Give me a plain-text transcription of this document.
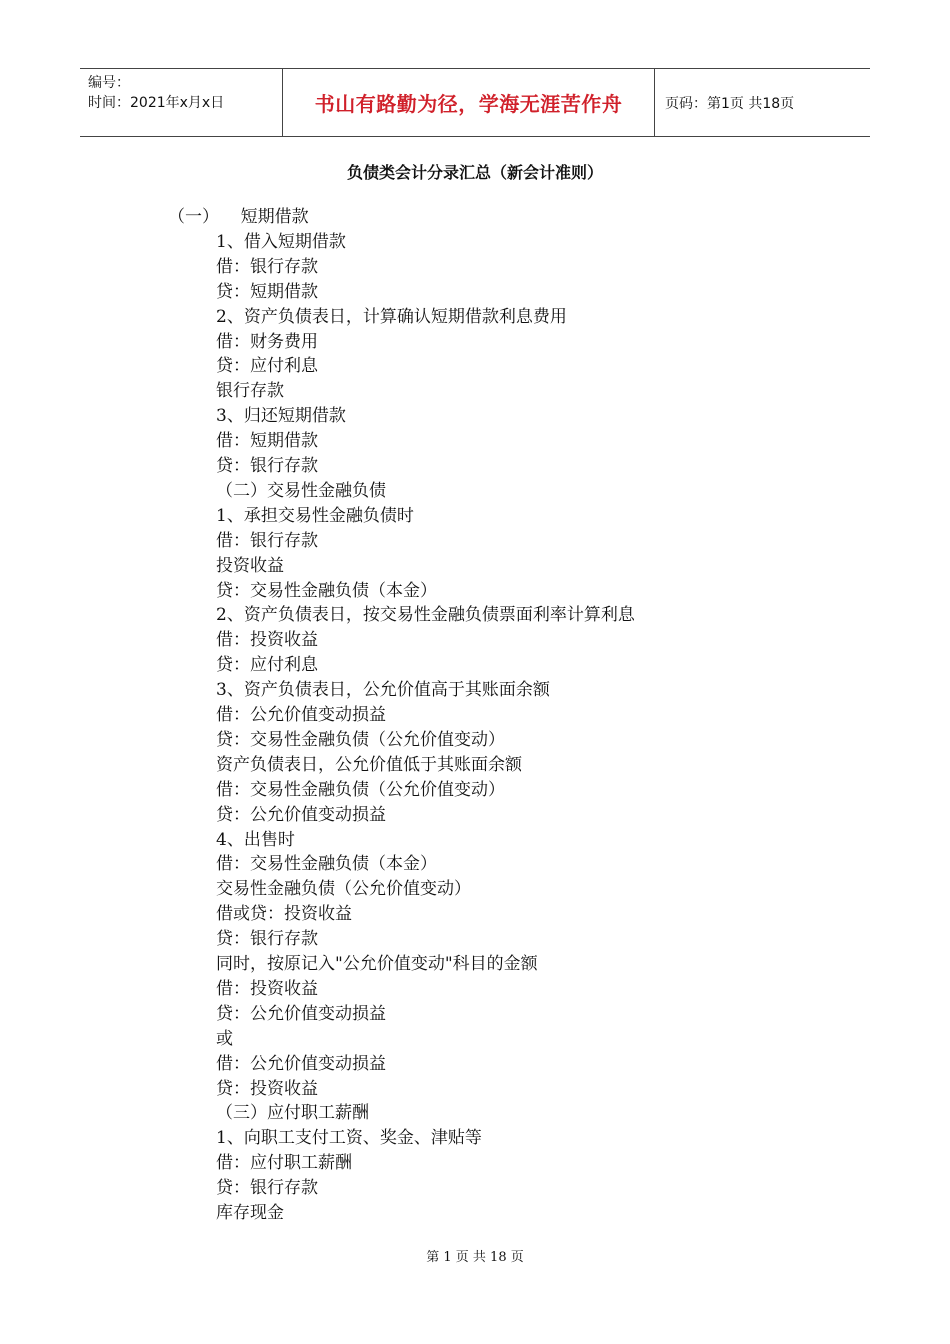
编号：
时间：2021年x月x日	书山有路勤为径，学海无涯苦作舟	页码：第1页 共18页
负债类会计分录汇总（新会计准则）
（一）    短期借款
1、借入短期借款
借：银行存款
贷：短期借款
2、资产负债表日，计算确认短期借款利息费用
借：财务费用
贷：应付利息
银行存款
3、归还短期借款
借：短期借款
贷：银行存款
（二）交易性金融负债
1、承担交易性金融负债时
借：银行存款
投资收益
贷：交易性金融负债（本金）
2、资产负债表日，按交易性金融负债票面利率计算利息
借：投资收益
贷：应付利息
3、资产负债表日，公允价值高于其账面余额
借：公允价值变动损益
贷：交易性金融负债（公允价值变动）
资产负债表日，公允价值低于其账面余额
借：交易性金融负债（公允价值变动）
贷：公允价值变动损益
4、出售时
借：交易性金融负债（本金）
交易性金融负债（公允价值变动）
借或贷：投资收益
贷：银行存款
同时，按原记入"公允价值变动"科目的金额
借：投资收益
贷：公允价值变动损益
或
借：公允价值变动损益
贷：投资收益
（三）应付职工薪酬
1、向职工支付工资、奖金、津贴等
借：应付职工薪酬
贷：银行存款
库存现金
第 1 页 共 18 页
